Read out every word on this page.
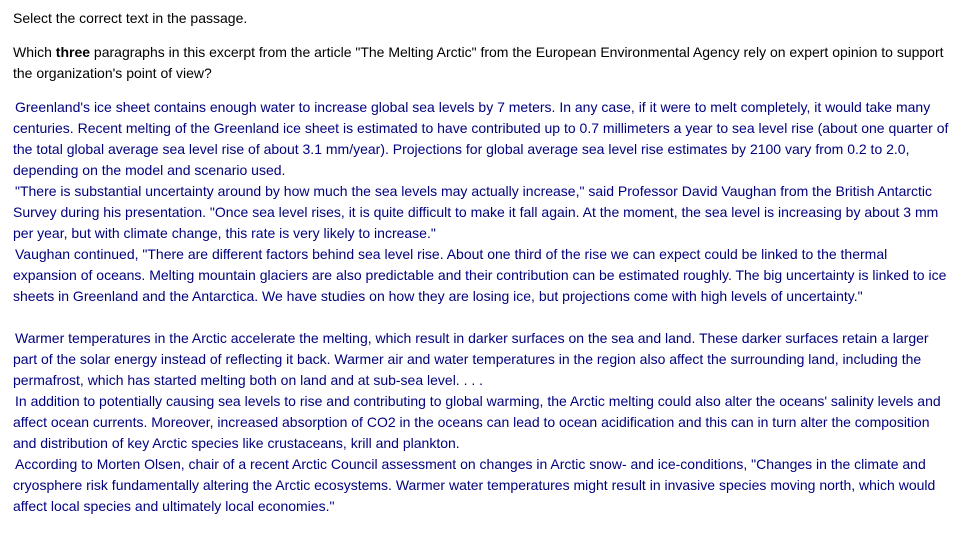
Select the correct text in the passage.
Which three paragraphs in this excerpt from the article "The Melting Arctic" from the European Environmental Agency rely on expert opinion to support the organization's point of view?
Greenland's ice sheet contains enough water to increase global sea levels by 7 meters. In any case, if it were to melt completely, it would take many centuries. Recent melting of the Greenland ice sheet is estimated to have contributed up to 0.7 millimeters a year to sea level rise (about one quarter of the total global average sea level rise of about 3.1 mm/year). Projections for global average sea level rise estimates by 2100 vary from 0.2 to 2.0, depending on the model and scenario used.
"There is substantial uncertainty around by how much the sea levels may actually increase," said Professor David Vaughan from the British Antarctic Survey during his presentation. "Once sea level rises, it is quite difficult to make it fall again. At the moment, the sea level is increasing by about 3 mm per year, but with climate change, this rate is very likely to increase."
Vaughan continued, "There are different factors behind sea level rise. About one third of the rise we can expect could be linked to the thermal expansion of oceans. Melting mountain glaciers are also predictable and their contribution can be estimated roughly. The big uncertainty is linked to ice sheets in Greenland and the Antarctica. We have studies on how they are losing ice, but projections come with high levels of uncertainty."
Warmer temperatures in the Arctic accelerate the melting, which result in darker surfaces on the sea and land. These darker surfaces retain a larger part of the solar energy instead of reflecting it back. Warmer air and water temperatures in the region also affect the surrounding land, including the permafrost, which has started melting both on land and at sub-sea level. . . .
In addition to potentially causing sea levels to rise and contributing to global warming, the Arctic melting could also alter the oceans' salinity levels and affect ocean currents. Moreover, increased absorption of CO2 in the oceans can lead to ocean acidification and this can in turn alter the composition and distribution of key Arctic species like crustaceans, krill and plankton.
According to Morten Olsen, chair of a recent Arctic Council assessment on changes in Arctic snow- and ice-conditions, "Changes in the climate and cryosphere risk fundamentally altering the Arctic ecosystems. Warmer water temperatures might result in invasive species moving north, which would affect local species and ultimately local economies."
